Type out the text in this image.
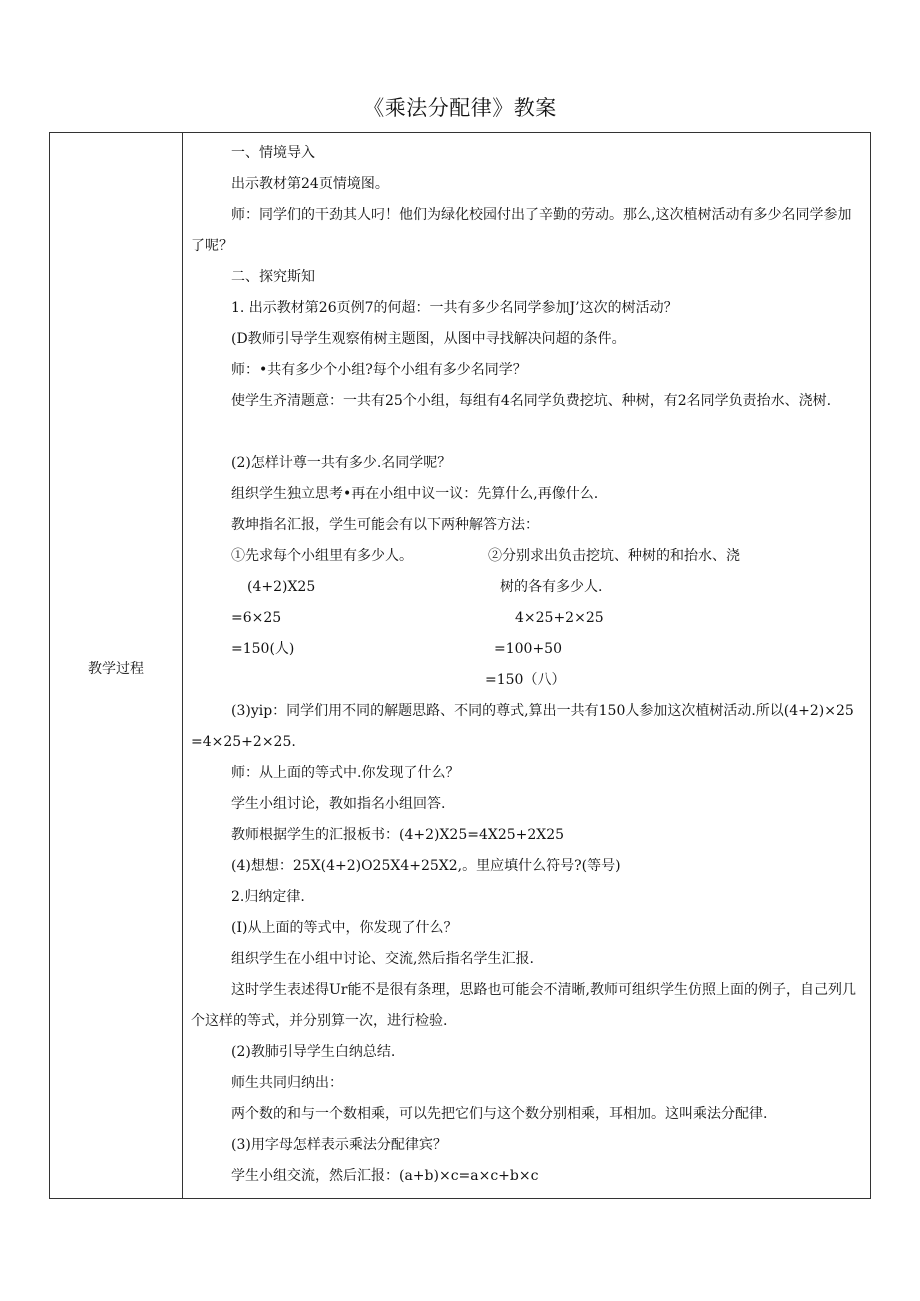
《乘法分配律》教案
教学过程
一、情境导入
出示教材第24页情境图。
师：同学们的干劲其人叼！他们为绿化校园付出了辛勤的劳动。那么,这次植树活动有多少名同学参加了呢？
二、探究斯知
1. 出示教材第26页例7的何超：一共有多少名同学参加J’这次的树活动？
(D教师引导学生观察侑树主题图，从图中寻找解决问超的条件。
师：•共有多少个小组?每个小组有多少名同学？
使学生齐清题意：一共有25个小组，每组有4名同学负费挖坑、种树，有2名同学负责抬水、浇树.
(2)怎样计尊一共有多少.名同学呢？
组织学生独立思考•再在小组中议一议：先算什么,再像什么.
教坤指名汇报，学生可能会有以下两种解答方法：
①先求每个小组里有多少人。
(4+2)X25
=6×25
=150(人)
②分别求出负击挖坑、种树的和抬水、浇
树的各有多少人.
4×25+2×25
=100+50
=150（八）
(3)yip：同学们用不同的解题思路、不同的尊式,算出一共有150人参加这次植树活动.所以(4+2)×25=4×25+2×25.
师：从上面的等式中.你发现了什么？
学生小组讨论，教如指名小组回答.
教师根据学生的汇报板书：(4+2)X25=4X25+2X25
(4)想想：25X(4+2)O25X4+25X2,。里应填什么符号?(等号)
2.归纳定律.
(I)从上面的等式中，你发现了什么？
组织学生在小组中讨论、交流,然后指名学生汇报.
这时学生表述得Ur能不是很有条理，思路也可能会不清晰,教师可组织学生仿照上面的例子，自己列几个这样的等式，并分别算一次，进行检验.
(2)教肺引导学生白纳总结.
师生共同归纳出：
两个数的和与一个数相乘，可以先把它们与这个数分别相乘，耳相加。这叫乘法分配律.
(3)用字母怎样表示乘法分配律宾？
学生小组交流，然后汇报：(a+b)×c=a×c+b×c
